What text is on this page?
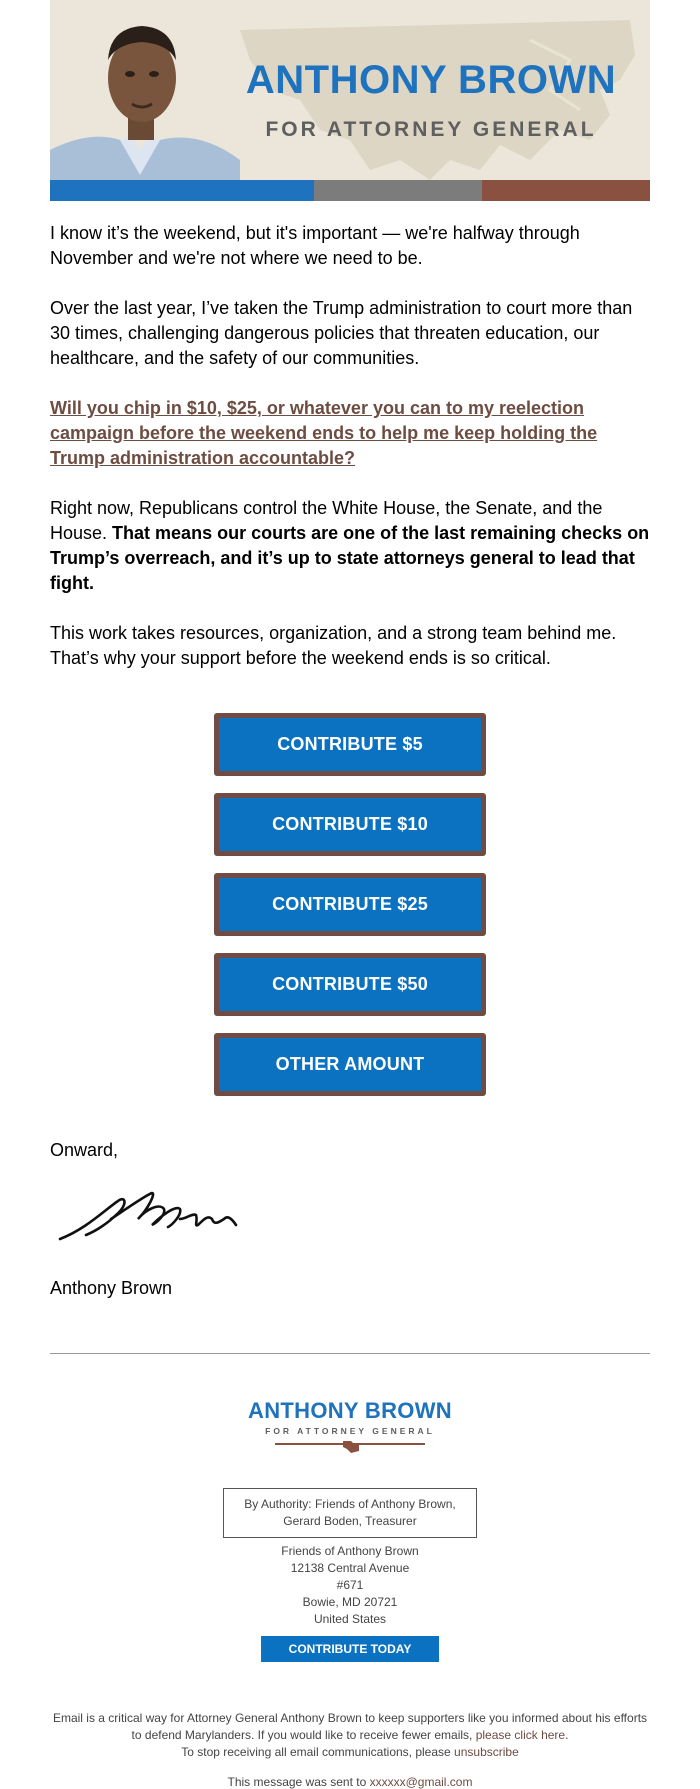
ANTHONY BROWN
FOR ATTORNEY GENERAL

I know it’s the weekend, but it's important — we're halfway through November and we're not where we need to be.

Over the last year, I’ve taken the Trump administration to court more than 30 times, challenging dangerous policies that threaten education, our healthcare, and the safety of our communities.

Will you chip in $10, $25, or whatever you can to my reelection campaign before the weekend ends to help me keep holding the Trump administration accountable?

Right now, Republicans control the White House, the Senate, and the House. That means our courts are one of the last remaining checks on Trump’s overreach, and it’s up to state attorneys general to lead that fight.

This work takes resources, organization, and a strong team behind me. That’s why your support before the weekend ends is so critical.

CONTRIBUTE $5
CONTRIBUTE $10
CONTRIBUTE $25
CONTRIBUTE $50
OTHER AMOUNT
Onward,
Anthony Brown
ANTHONY BROWN
FOR ATTORNEY GENERAL
By Authority: Friends of Anthony Brown,
Gerard Boden, Treasurer
Friends of Anthony Brown
12138 Central Avenue
#671
Bowie, MD 20721
United States
CONTRIBUTE TODAY
Email is a critical way for Attorney General Anthony Brown to keep supporters like you informed about his efforts to defend Marylanders. If you would like to receive fewer emails, please click here.
To stop receiving all email communications, please unsubscribe
This message was sent to xxxxxx@gmail.com
